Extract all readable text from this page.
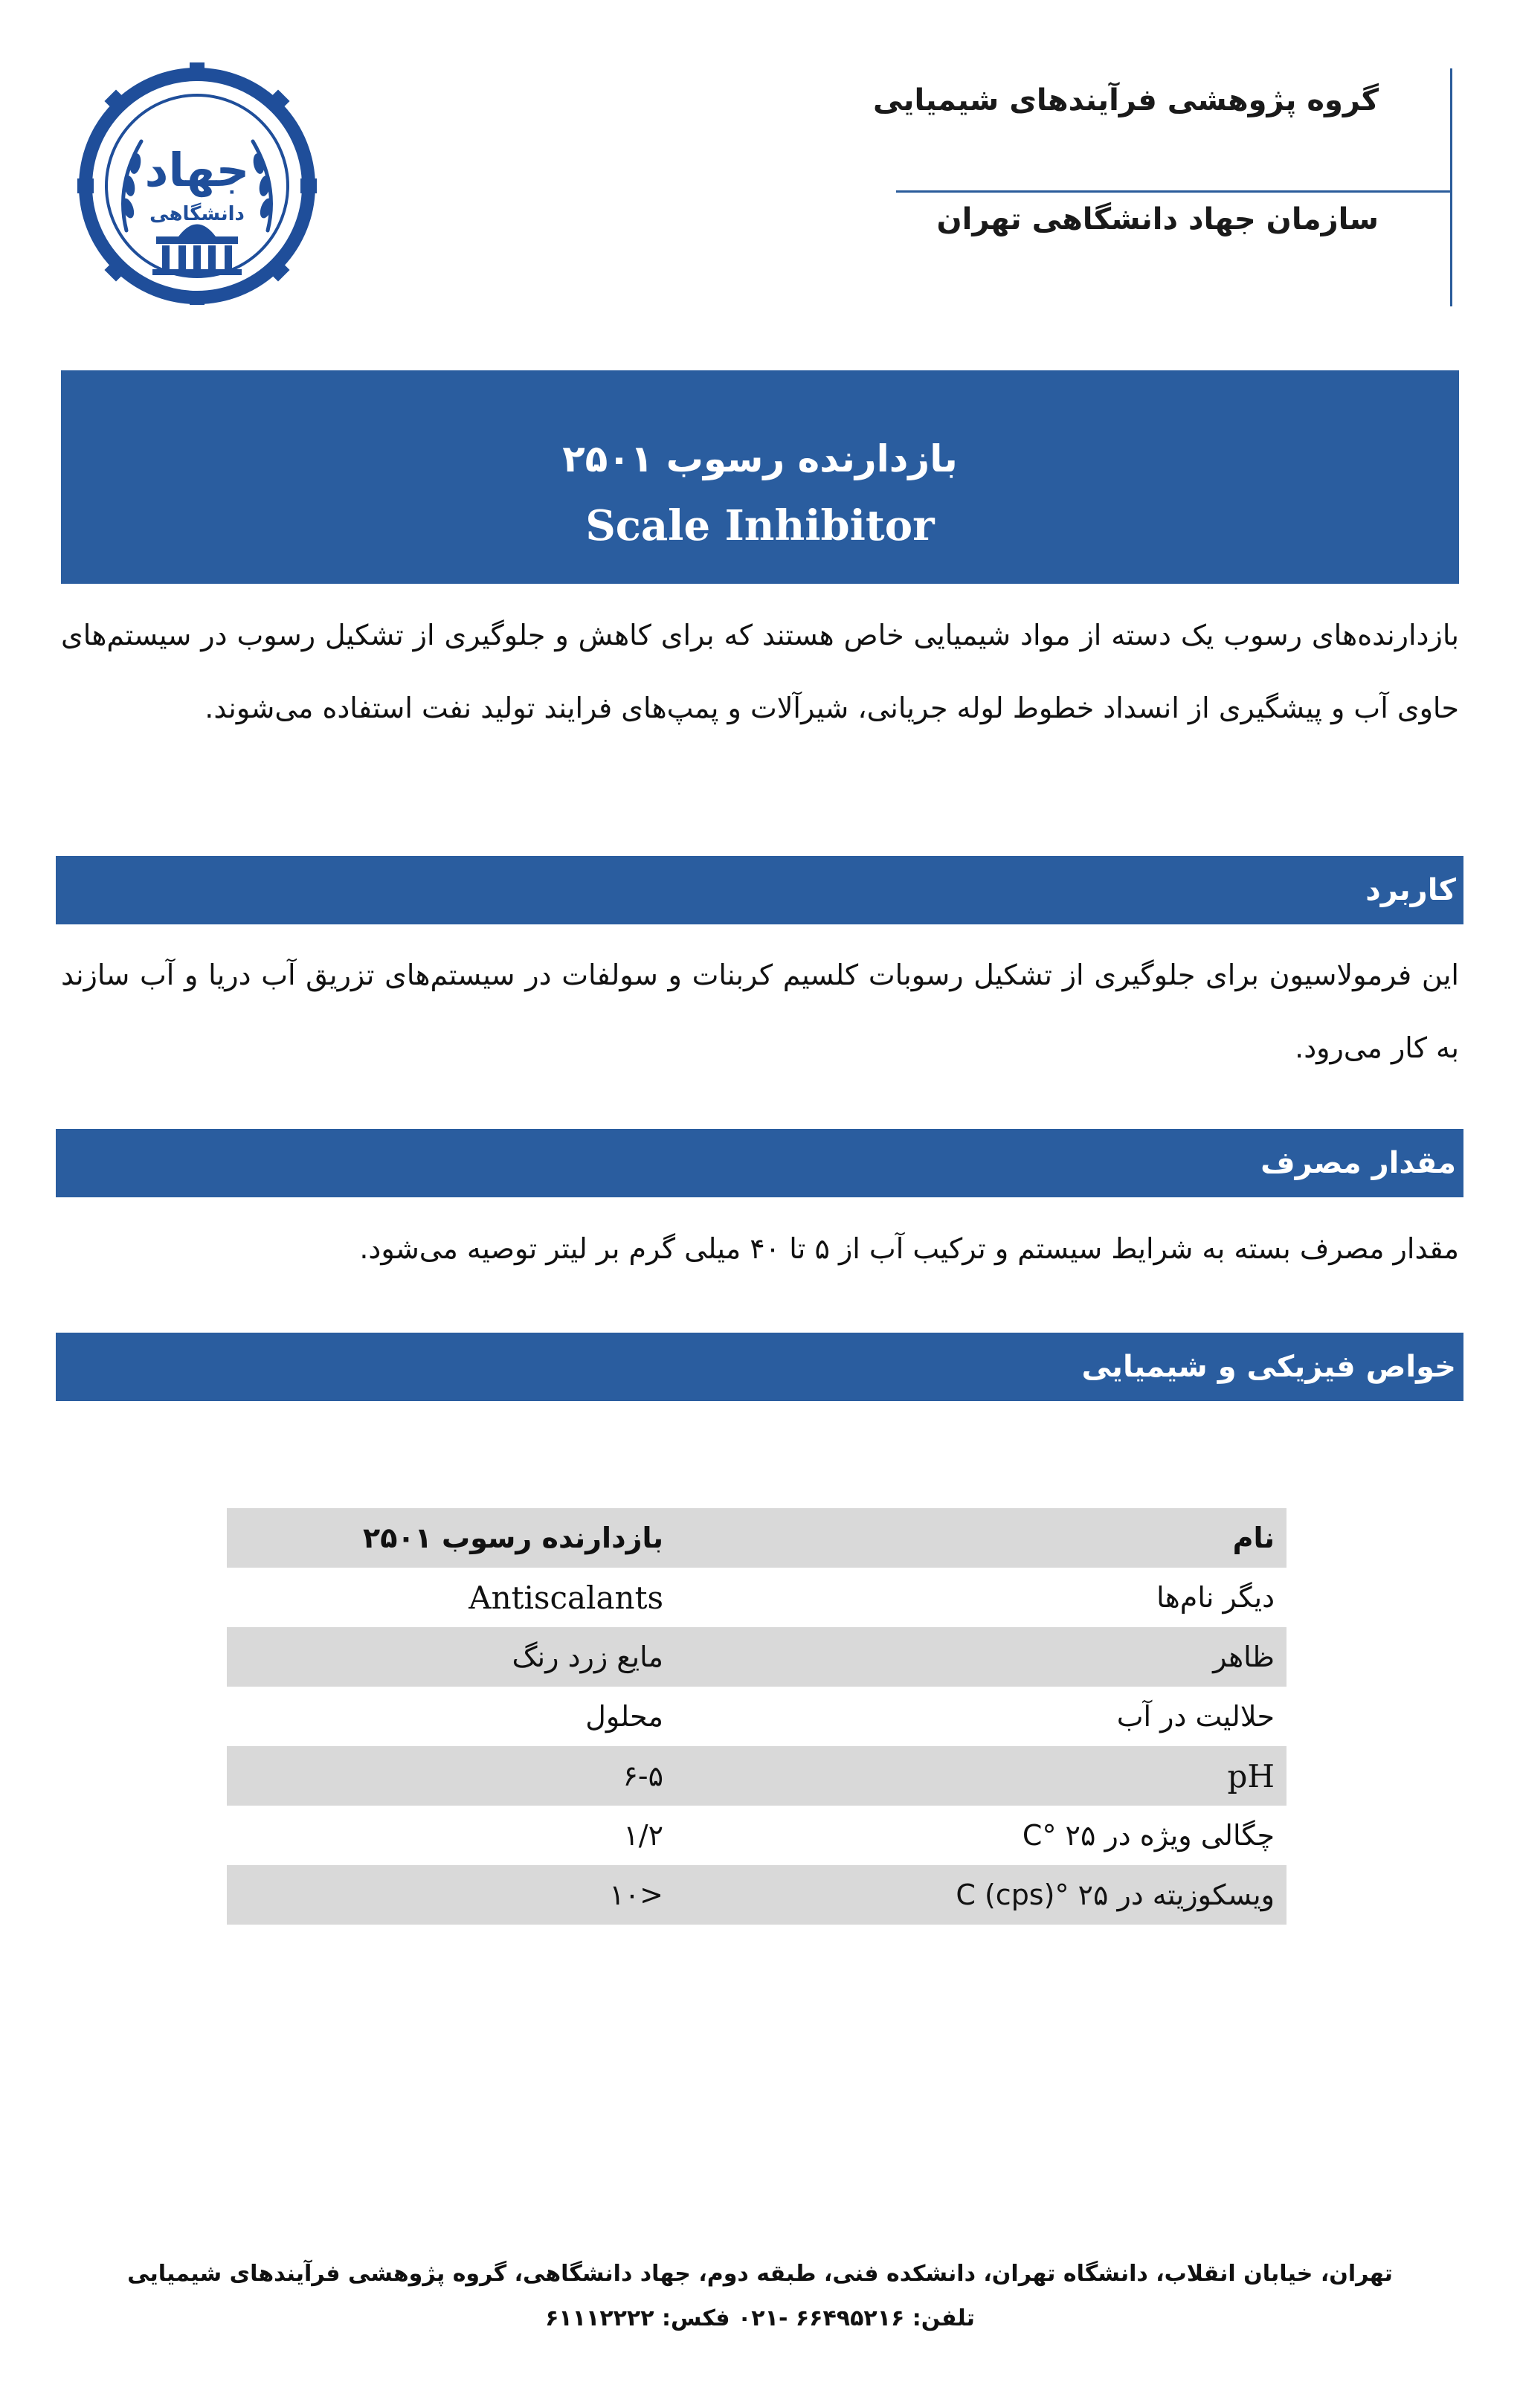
گروه پژوهشی فرآیندهای شیمیایی
سازمان جهاد دانشگاهی تهران
جهاد
دانشگاهی
بازدارنده رسوب ۲۵۰۱
Scale Inhibitor
بازدارنده‌های رسوب یک دسته از مواد شیمیایی خاص هستند که برای کاهش و جلوگیری از تشکیل رسوب در سیستم‌های حاوی آب و پیشگیری از انسداد خطوط لوله جریانی، شیرآلات و پمپ‌های فرایند تولید نفت استفاده می‌شوند.
کاربرد
این فرمولاسیون برای جلوگیری از تشکیل رسوبات کلسیم کربنات و سولفات در سیستم‌های تزریق آب دریا و آب سازند به کار می‌رود.
مقدار مصرف
مقدار مصرف بسته به شرایط سیستم و ترکیب آب از ۵ تا ۴۰ میلی گرم بر لیتر توصیه می‌شود.
خواص فیزیکی و شیمیایی
نام	بازدارنده رسوب ۲۵۰۱
دیگر نام‌ها	Antiscalants
ظاهر	مایع زرد رنگ
حلالیت در آب	محلول
pH	۶-۵
چگالی ویژه در ۲۵ °C	۱/۲
ویسکوزیته در ۲۵ °C (cps)	<۱۰
تهران، خیابان انقلاب، دانشگاه تهران، دانشکده فنی، طبقه دوم، جهاد دانشگاهی، گروه پژوهشی فرآیندهای شیمیایی
تلفن: ۶۶۴۹۵۲۱۶ -۰۲۱ فکس: ۶۱۱۱۲۲۲۲
